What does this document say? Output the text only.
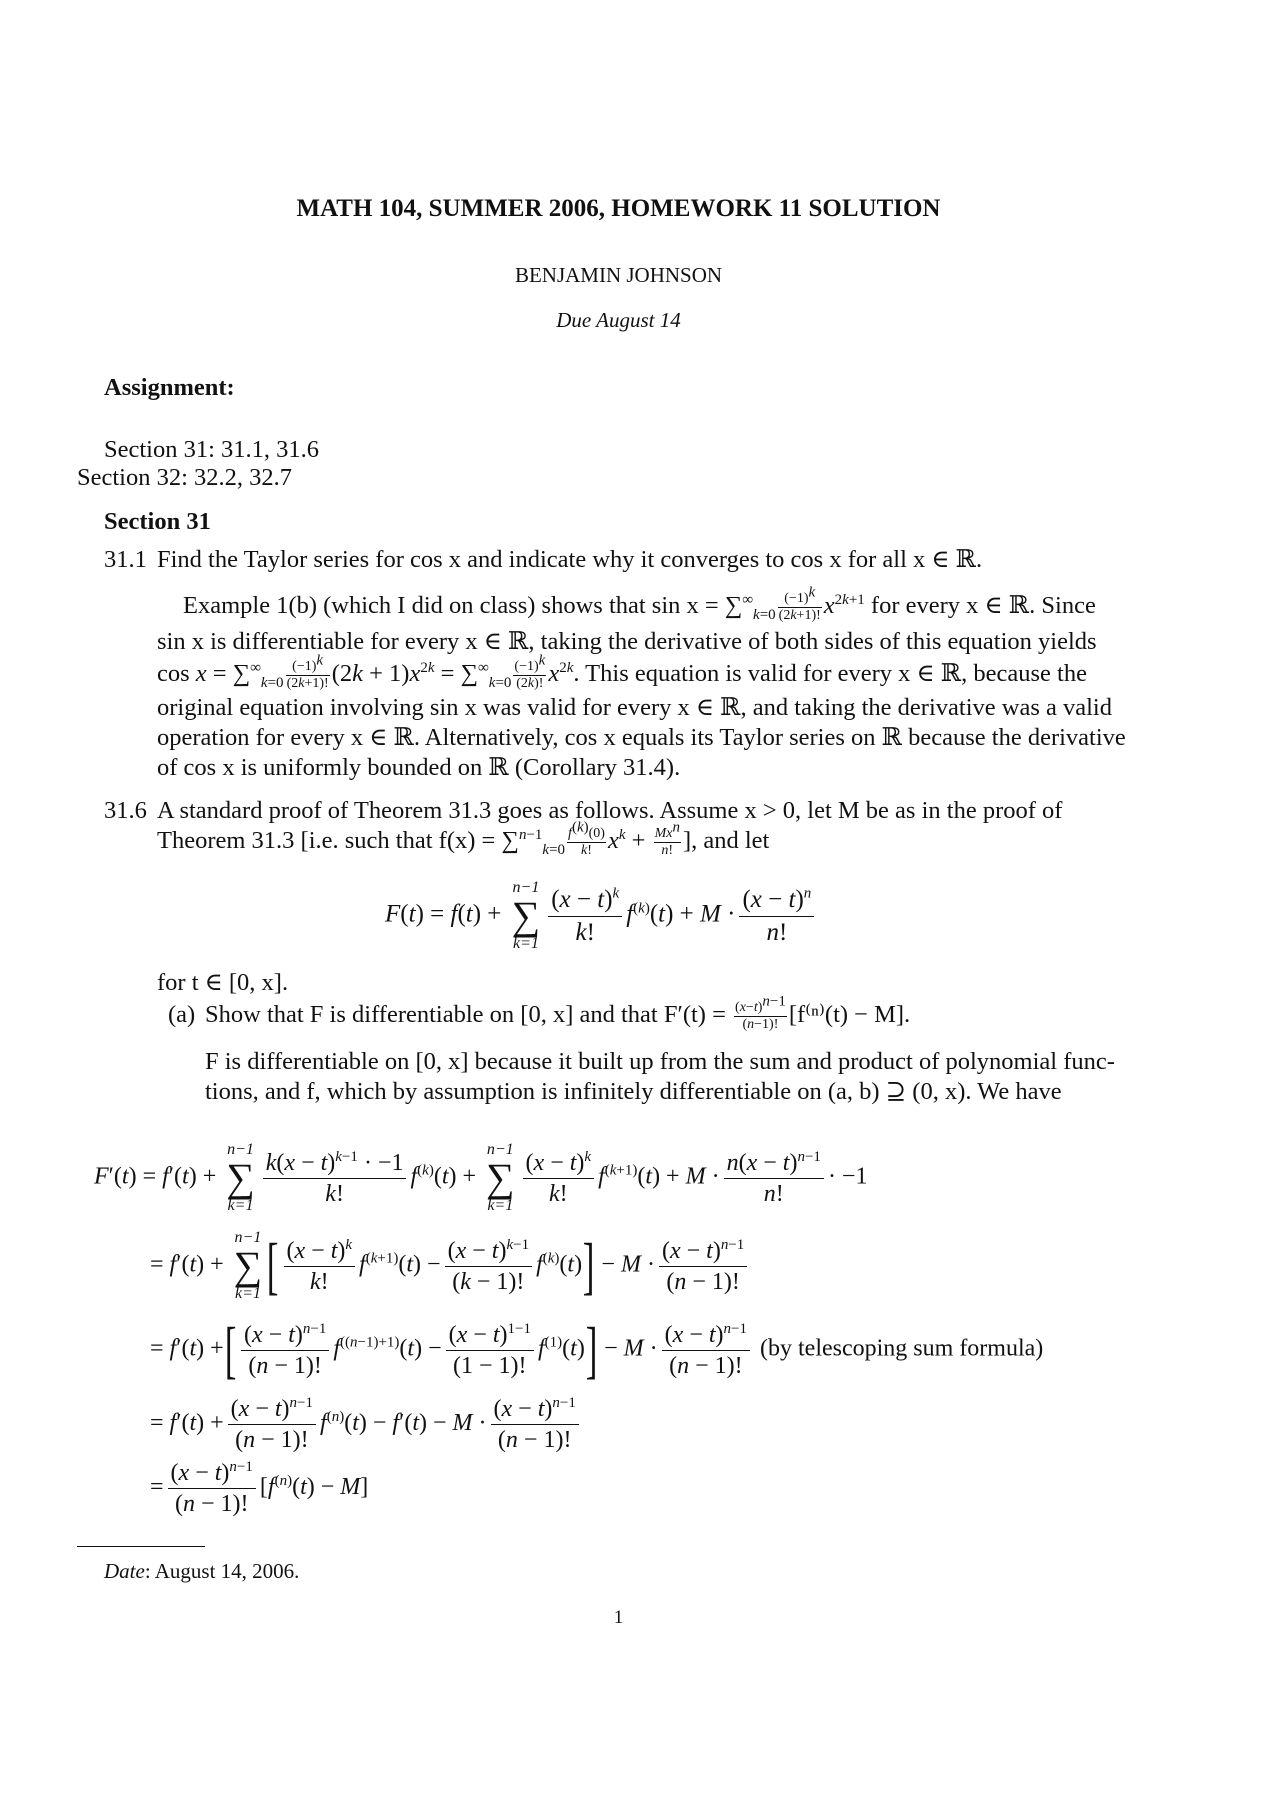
MATH 104, SUMMER 2006, HOMEWORK 11 SOLUTION
BENJAMIN JOHNSON
Due August 14
Assignment:
Section 31: 31.1, 31.6
Section 32: 32.2, 32.7
Section 31
31.1 Find the Taylor series for cos x and indicate why it converges to cos x for all x ∈ ℝ.
Example 1(b) (which I did on class) shows that $\sin x = \sum^\infty_{k=0} \frac{(-1)^k}{(2k+1)!} x^{2k+1}$ for every x ∈ ℝ. Since
sin x is differentiable for every x ∈ ℝ, taking the derivative of both sides of this equation yields
$\cos x = \sum^\infty_{k=0} \frac{(-1)^k}{(2k+1)!} (2k + 1)x^{2k} = \sum^\infty_{k=0} \frac{(-1)^k}{(2k)!} x^{2k}$. This equation is valid for every x ∈ ℝ, because the
original equation involving sin x was valid for every x ∈ ℝ, and taking the derivative was a valid
operation for every x ∈ ℝ. Alternatively, cos x equals its Taylor series on ℝ because the derivative
of cos x is uniformly bounded on ℝ (Corollary 31.4).
31.6 A standard proof of Theorem 31.3 goes as follows. Assume x > 0, let M be as in the proof of
Theorem 31.3 [i.e. such that $f(x) = \sum^{n-1}_{k=0} \frac{f^{(k)}(0)}{k!} x^k + \frac{Mx^n}{n!}$ ], and let
F(t) = f(t) +
n−1
∑
$k=1 \frac{(x - t)^k}{k!} f^{(k)}(t) + M \cdot \frac{(x - t)^n}{n!}$
for t ∈ [0, x].
(a) Show that F is differentiable on [0, x] and that $F'(t) = \frac{(x-t)^{n-1}}{(n-1)!} [f^{(n)}(t) - M]$.
F is differentiable on [0, x] because it built up from the sum and product of polynomial func-
tions, and f, which by assumption is infinitely differentiable on (a, b) ⊇ (0, x). We have
F′(t) = f′(t) +
n−1
∑
$k=1 \frac{k(x - t)^{k-1} \cdot -1}{k!} f^{(k)}(t)$ +
n−1
∑
$k=1 \frac{(x - t)^k}{k!} f^{(k+1)}(t) + M \cdot \frac{n(x - t)^{n-1}}{n!} \cdot -1$
= f′(t) +
n−1
∑
k=1 [ $\frac{(x - t)^k}{k!} f^{(k+1)}(t) - \frac{(x - t)^{k-1}}{(k - 1)!} f^{(k)}(t)] - M \cdot \frac{(x - t)^{n-1}}{(n - 1)!}$
= f′(t) +[ $\frac{(x - t)^{n-1}}{(n - 1)!} f^{((n-1)+1)}(t) - \frac{(x - t)^{1-1}}{(1 - 1)!} f^{(1)}(t)] - M \cdot \frac{(x - t)^{n-1}}{(n - 1)!} (by$ telescoping sum formula)
= $f'(t) + \frac{(x - t)^{n-1}}{(n - 1)!} f^{(n)}(t) - f'(t) - M \cdot \frac{(x - t)^{n-1}}{(n - 1)!}$
= $\frac{(x - t)^{n-1}}{(n - 1)!} [f^{(n)}(t) - M]$
Date: August 14, 2006.
1
